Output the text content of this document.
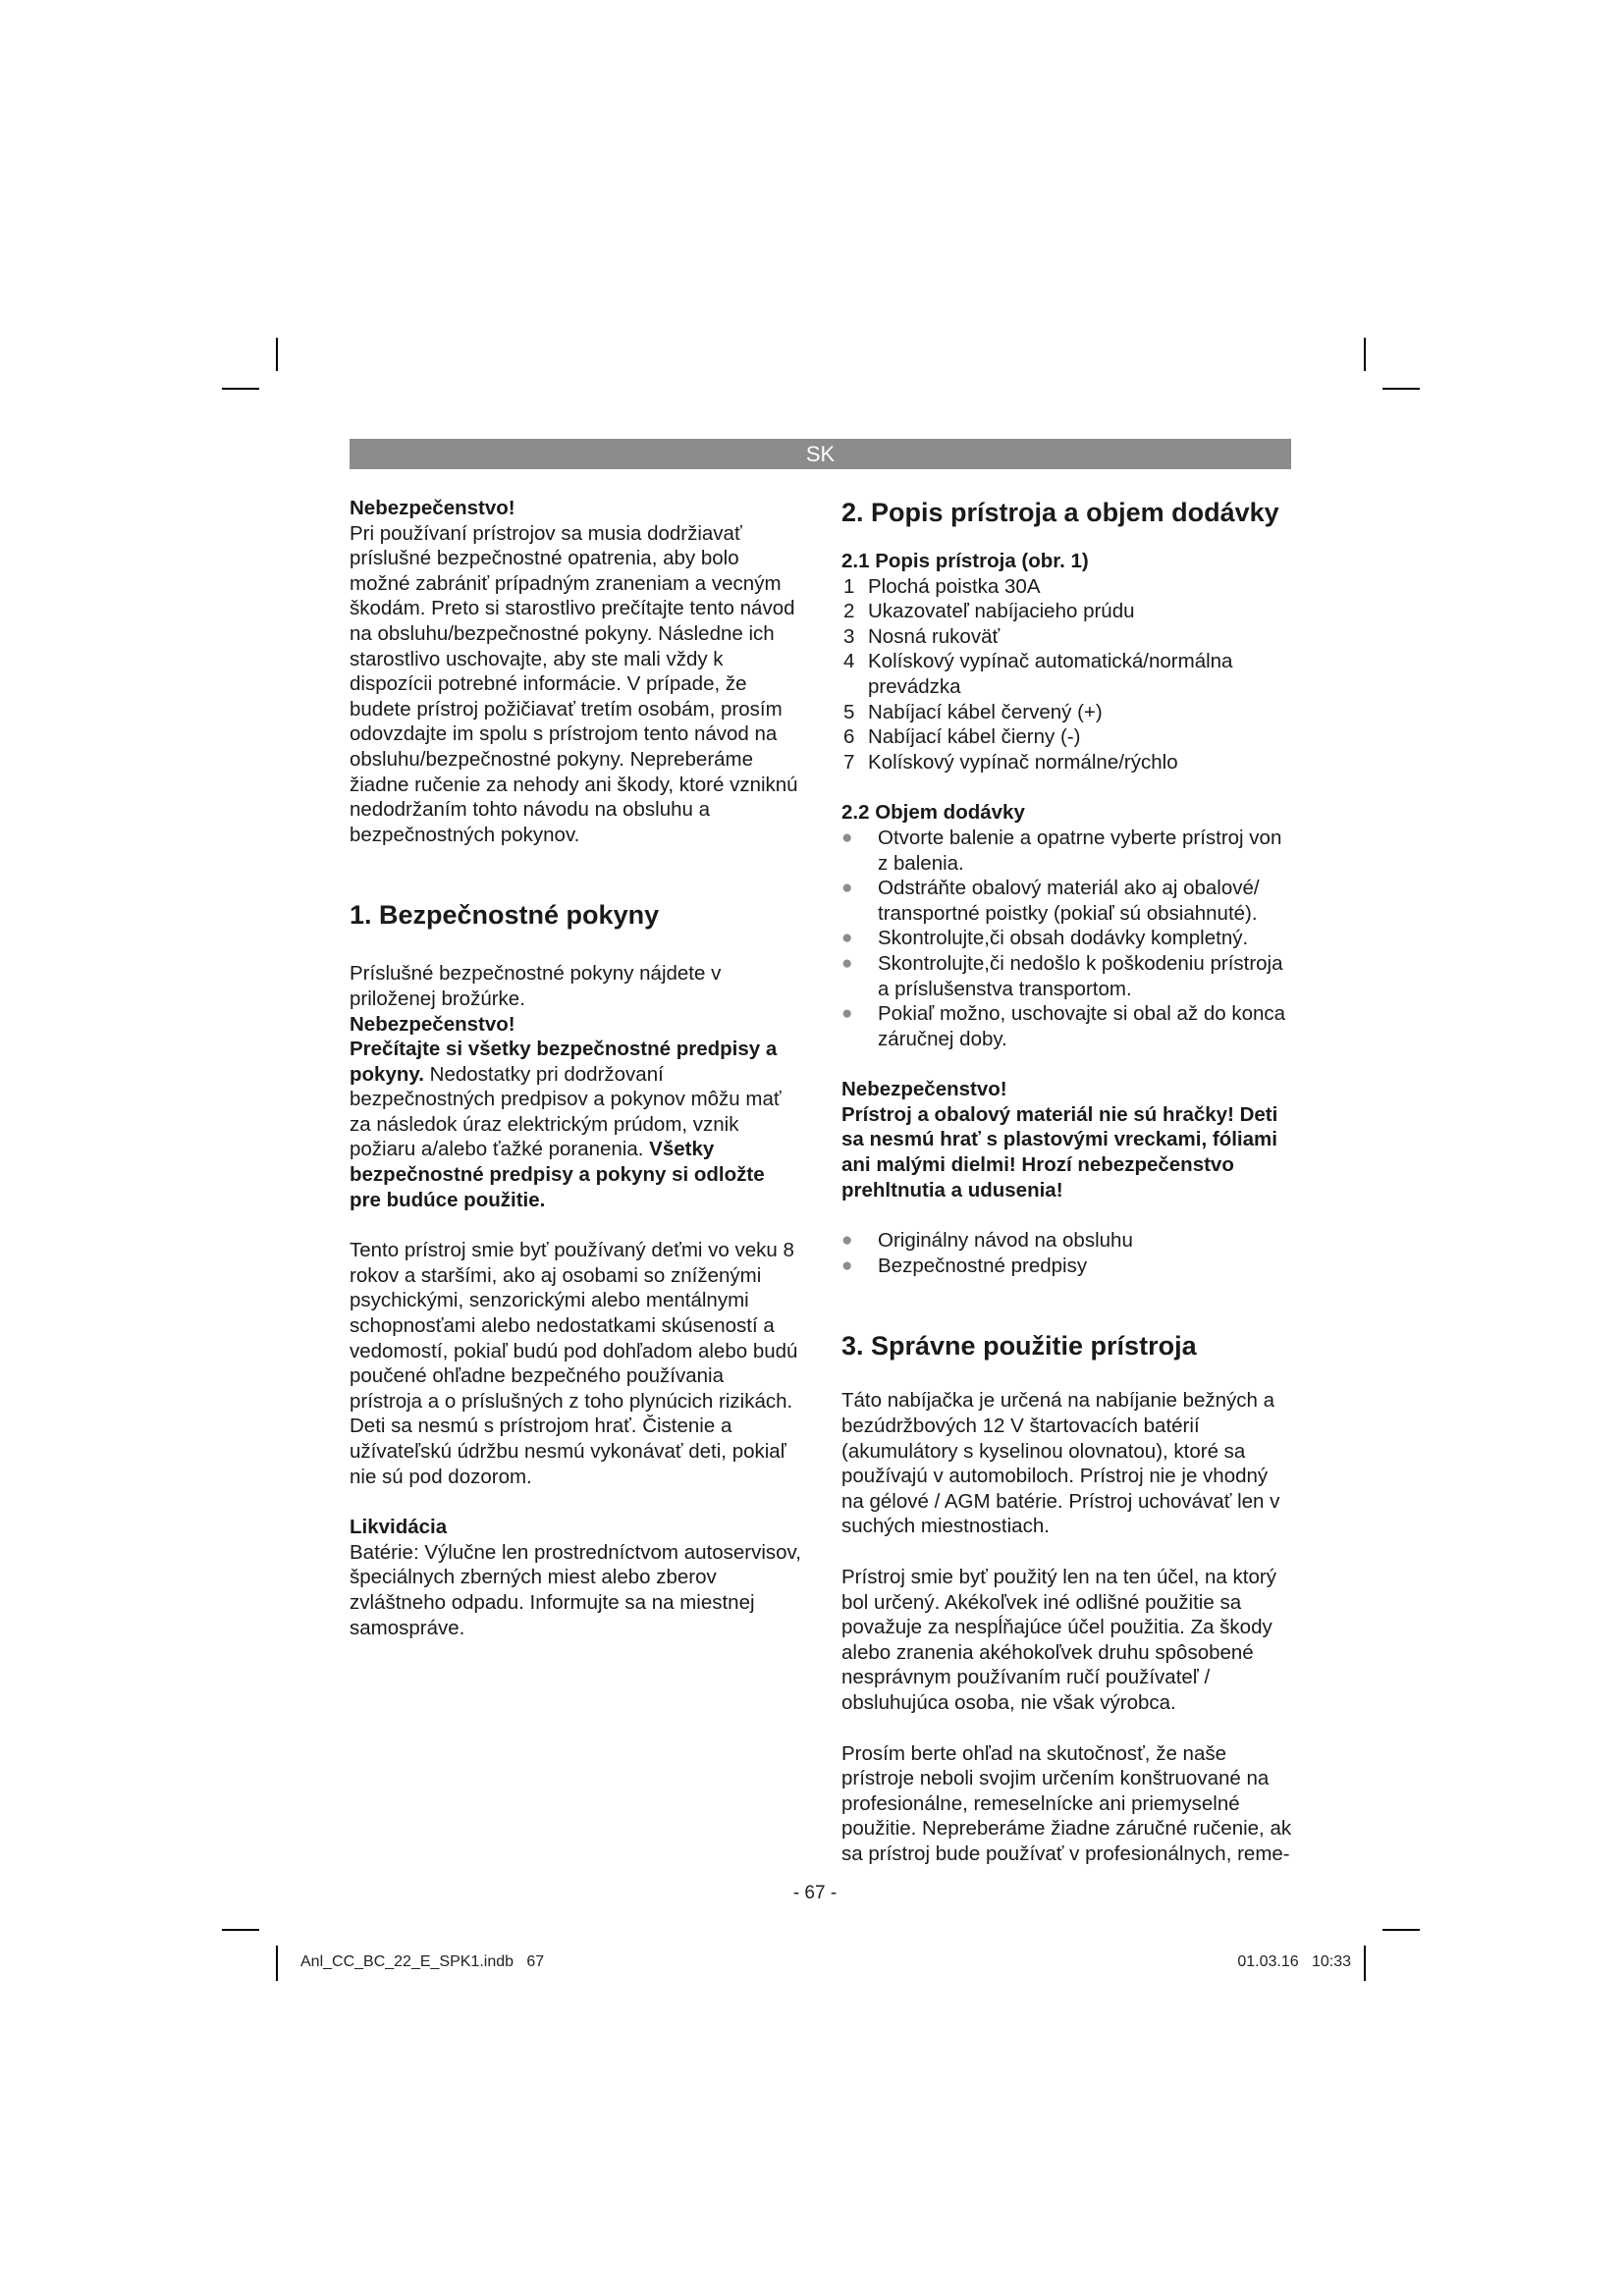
SK

Nebezpečenstvo!

Pri používaní prístrojov sa musia dodržiavať príslušné bezpečnostné opatrenia, aby bolo možné zabrániť prípadným zraneniam a vecným škodám. Preto si starostlivo prečítajte tento návod na obsluhu/bezpečnostné pokyny. Následne ich starostlivo uschovajte, aby ste mali vždy k dispozícii potrebné informácie. V prípade, že budete prístroj požičiavať tretím osobám, prosím odovzdajte im spolu s prístrojom tento návod na obsluhu/bezpečnostné pokyny. Nepreberáme žiadne ručenie za nehody ani škody, ktoré vzniknú nedodržaním tohto návodu na obsluhu a bezpečnostných pokynov.

1. Bezpečnostné pokyny

Príslušné bezpečnostné pokyny nájdete v priloženej brožúrke.

Nebezpečenstvo!

Prečítajte si všetky bezpečnostné predpisy a pokyny. Nedostatky pri dodržovaní bezpečnostných predpisov a pokynov môžu mať za následok úraz elektrickým prúdom, vznik požiaru a/alebo ťažké poranenia. Všetky bezpečnostné predpisy a pokyny si odložte pre budúce použitie.

Tento prístroj smie byť používaný deťmi vo veku 8 rokov a staršími, ako aj osobami so zníženými psychickými, senzorickými alebo mentálnymi schopnosťami alebo nedostatkami skúseností a vedomostí, pokiaľ budú pod dohľadom alebo budú poučené ohľadne bezpečného používania prístroja a o príslušných z toho plynúcich rizikách. Deti sa nesmú s prístrojom hrať. Čistenie a užívateľskú údržbu nesmú vykonávať deti, pokiaľ nie sú pod dozorom.

Likvidácia

Batérie: Výlučne len prostredníctvom autoservisov, špeciálnych zberných miest alebo zberov zvláštneho odpadu. Informujte sa na miestnej samospráve.

2. Popis prístroja a objem dodávky

2.1 Popis prístroja (obr. 1)

1 Plochá poistka 30A
2 Ukazovateľ nabíjacieho prúdu
3 Nosná rukoväť
4 Kolískový vypínač automatická/normálna prevádzka
5 Nabíjací kábel červený (+)
6 Nabíjací kábel čierny (-)
7 Kolískový vypínač normálne/rýchlo

2.2 Objem dodávky

● Otvorte balenie a opatrne vyberte prístroj von z balenia.
● Odstráňte obalový materiál ako aj obalové/ transportné poistky (pokiaľ sú obsiahnuté).
● Skontrolujte,či obsah dodávky kompletný.
● Skontrolujte,či nedošlo k poškodeniu prístroja a príslušenstva transportom.
● Pokiaľ možno, uschovajte si obal až do konca záručnej doby.

Nebezpečenstvo!

Prístroj a obalový materiál nie sú hračky! Deti sa nesmú hrať s plastovými vreckami, fóliami ani malými dielmi! Hrozí nebezpečenstvo prehltnutia a udusenia!

● Originálny návod na obsluhu
● Bezpečnostné predpisy
3. Správne použitie prístroja

Táto nabíjačka je určená na nabíjanie bežných a bezúdržbových 12 V štartovacích batérií (akumulátory s kyselinou olovnatou), ktoré sa používajú v automobiloch. Prístroj nie je vhodný na gélové / AGM batérie. Prístroj uchovávať len v suchých miestnostiach.

Prístroj smie byť použitý len na ten účel, na ktorý bol určený. Akékoľvek iné odlišné použitie sa považuje za nespĺňajúce účel použitia. Za škody alebo zranenia akéhokoľvek druhu spôsobené nesprávnym používaním ručí používateľ / obsluhujúca osoba, nie však výrobca.

Prosím berte ohľad na skutočnosť, že naše prístroje neboli svojim určením konštruované na profesionálne, remeselnícke ani priemyselné použitie. Nepreberáme žiadne záručné ručenie, ak sa prístroj bude používať v profesionálnych, reme-

- 67 -
Anl_CC_BC_22_E_SPK1.indb   67	01.03.16   10:33
